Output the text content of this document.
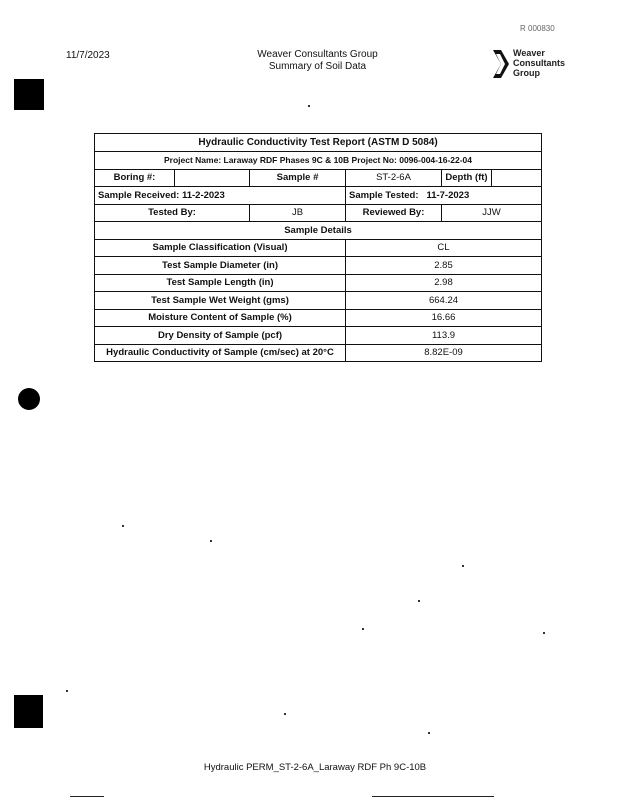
R 000830
11/7/2023	Weaver Consultants Group
Summary of Soil Data
Weaver
Consultants
Group
Hydraulic Conductivity Test Report (ASTM D 5084)					
Project Name: Laraway RDF Phases 9C & 10B Project No: 0096-004-16-22-04					
Boring #:		Sample #	ST-2-6A	Depth (ft)	
Sample Received: 11-2-2023			Sample Tested: 11-7-2023		
Tested By:		JB	Reviewed By:	JJW	
Sample Details					
Sample Classification (Visual)			CL		
Test Sample Diameter (in)			2.85		
Test Sample Length (in)			2.98		
Test Sample Wet Weight (gms)			664.24		
Moisture Content of Sample (%)			16.66		
Dry Density of Sample (pcf)			113.9		
Hydraulic Conductivity of Sample (cm/sec) at 20°C			8.82E-09		
Hydraulic PERM_ST-2-6A_Laraway RDF Ph 9C-10B
